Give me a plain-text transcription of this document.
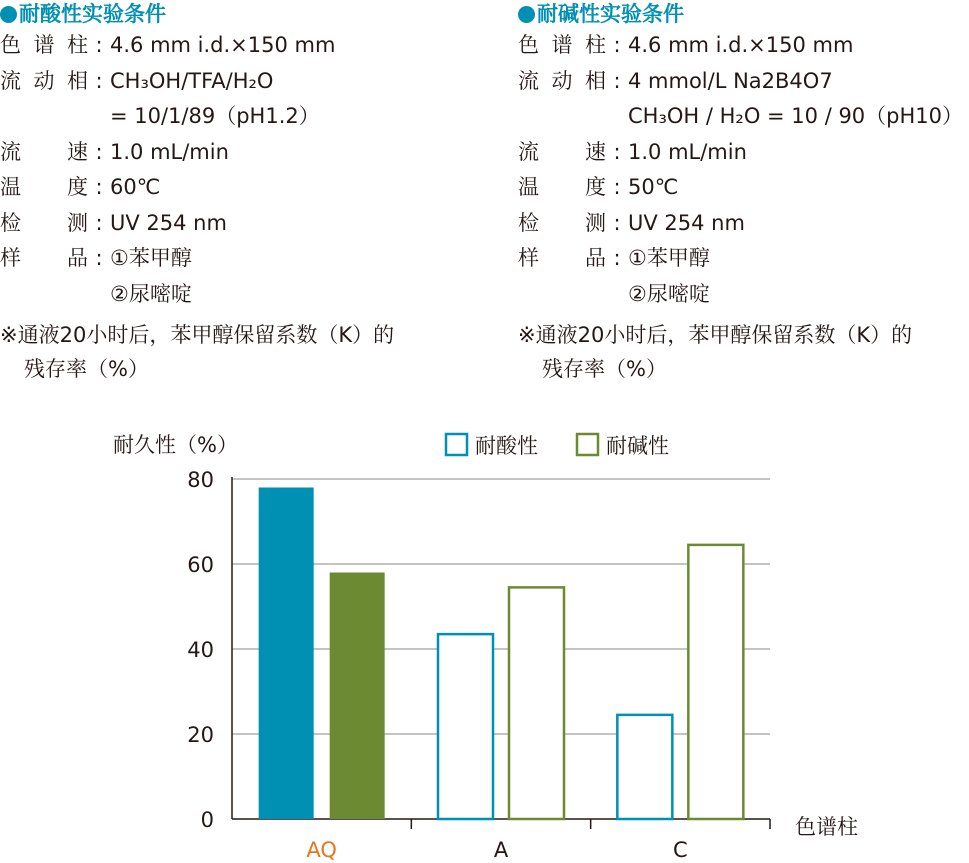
耐酸性实验条件
色 谱 柱 : 4.6 mm i.d.×150 mm
流 动 相 : CH₃OH/TFA/H₂O
= 10/1/89（pH1.2）
流 速 : 1.0 mL/min
温 度 : 60℃
检 测 : UV 254 nm
样 品 : ①苯甲醇
②尿嘧啶
※通液20小时后，苯甲醇保留系数（K）的
残存率（%）
耐碱性实验条件
色 谱 柱 : 4.6 mm i.d.×150 mm
流 动 相 : 4 mmol/L Na2B4O7
CH₃OH / H₂O = 10 / 90（pH10）
流 速 : 1.0 mL/min
温 度 : 50℃
检 测 : UV 254 nm
样 品 : ①苯甲醇
②尿嘧啶
※通液20小时后，苯甲醇保留系数（K）的
残存率（%）
0
20
40
60
80
耐久性（%）
色谱柱
耐酸性	耐碱性
AQ	A	C
